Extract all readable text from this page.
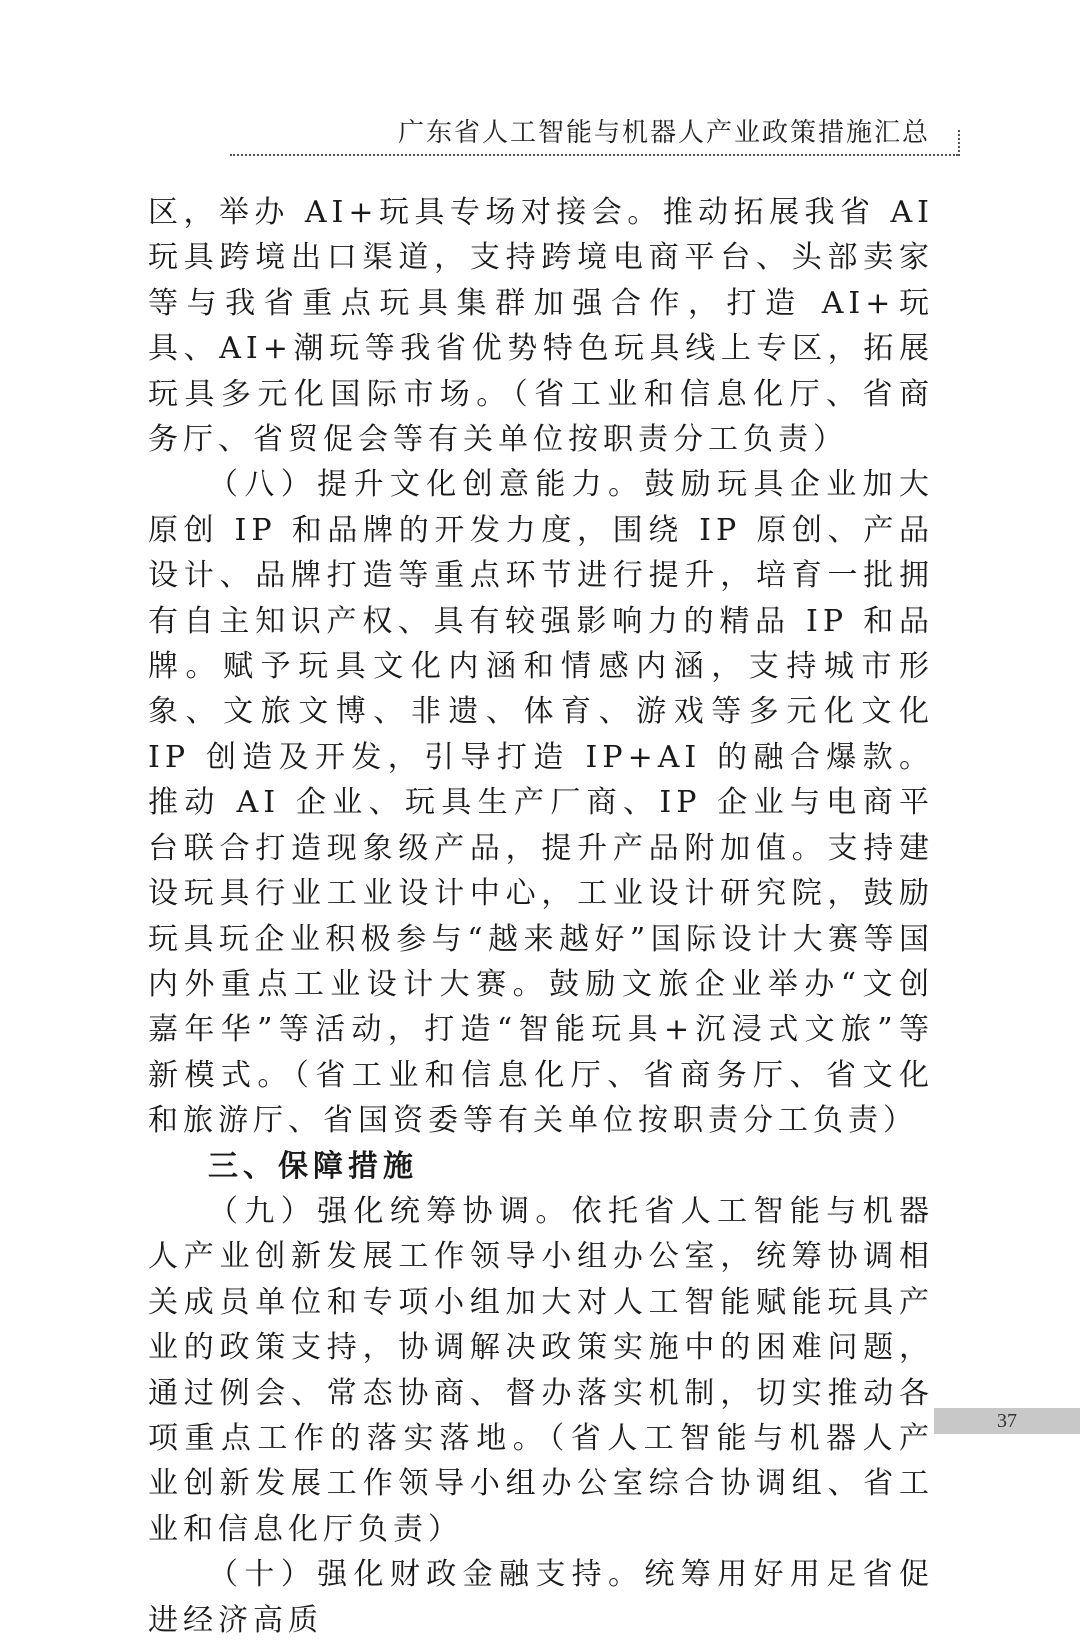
广东省人工智能与机器人产业政策措施汇总

区，举办 AI+玩具专场对接会。推动拓展我省 AI 玩具跨境出口渠道，支持跨境电商平台、头部卖家等与我省重点玩具集群加强合作，打造 AI+玩具、AI+潮玩等我省优势特色玩具线上专区，拓展玩具多元化国际市场。（省工业和信息化厅、省商务厅、省贸促会等有关单位按职责分工负责）

（八）提升文化创意能力。鼓励玩具企业加大原创 IP 和品牌的开发力度，围绕 IP 原创、产品设计、品牌打造等重点环节进行提升，培育一批拥有自主知识产权、具有较强影响力的精品 IP 和品牌。赋予玩具文化内涵和情感内涵，支持城市形象、文旅文博、非遗、体育、游戏等多元化文化 IP 创造及开发，引导打造 IP+AI 的融合爆款。推动 AI 企业、玩具生产厂商、IP 企业与电商平台联合打造现象级产品，提升产品附加值。支持建设玩具行业工业设计中心，工业设计研究院，鼓励玩具玩企业积极参与“越来越好”国际设计大赛等国内外重点工业设计大赛。鼓励文旅企业举办“文创嘉年华”等活动，打造“智能玩具+沉浸式文旅”等新模式。（省工业和信息化厅、省商务厅、省文化和旅游厅、省国资委等有关单位按职责分工负责）

三、保障措施

（九）强化统筹协调。依托省人工智能与机器人产业创新发展工作领导小组办公室，统筹协调相关成员单位和专项小组加大对人工智能赋能玩具产业的政策支持，协调解决政策实施中的困难问题，通过例会、常态协商、督办落实机制，切实推动各项重点工作的落实落地。（省人工智能与机器人产业创新发展工作领导小组办公室综合协调组、省工业和信息化厅负责）

（十）强化财政金融支持。统筹用好用足省促进经济高质

37
